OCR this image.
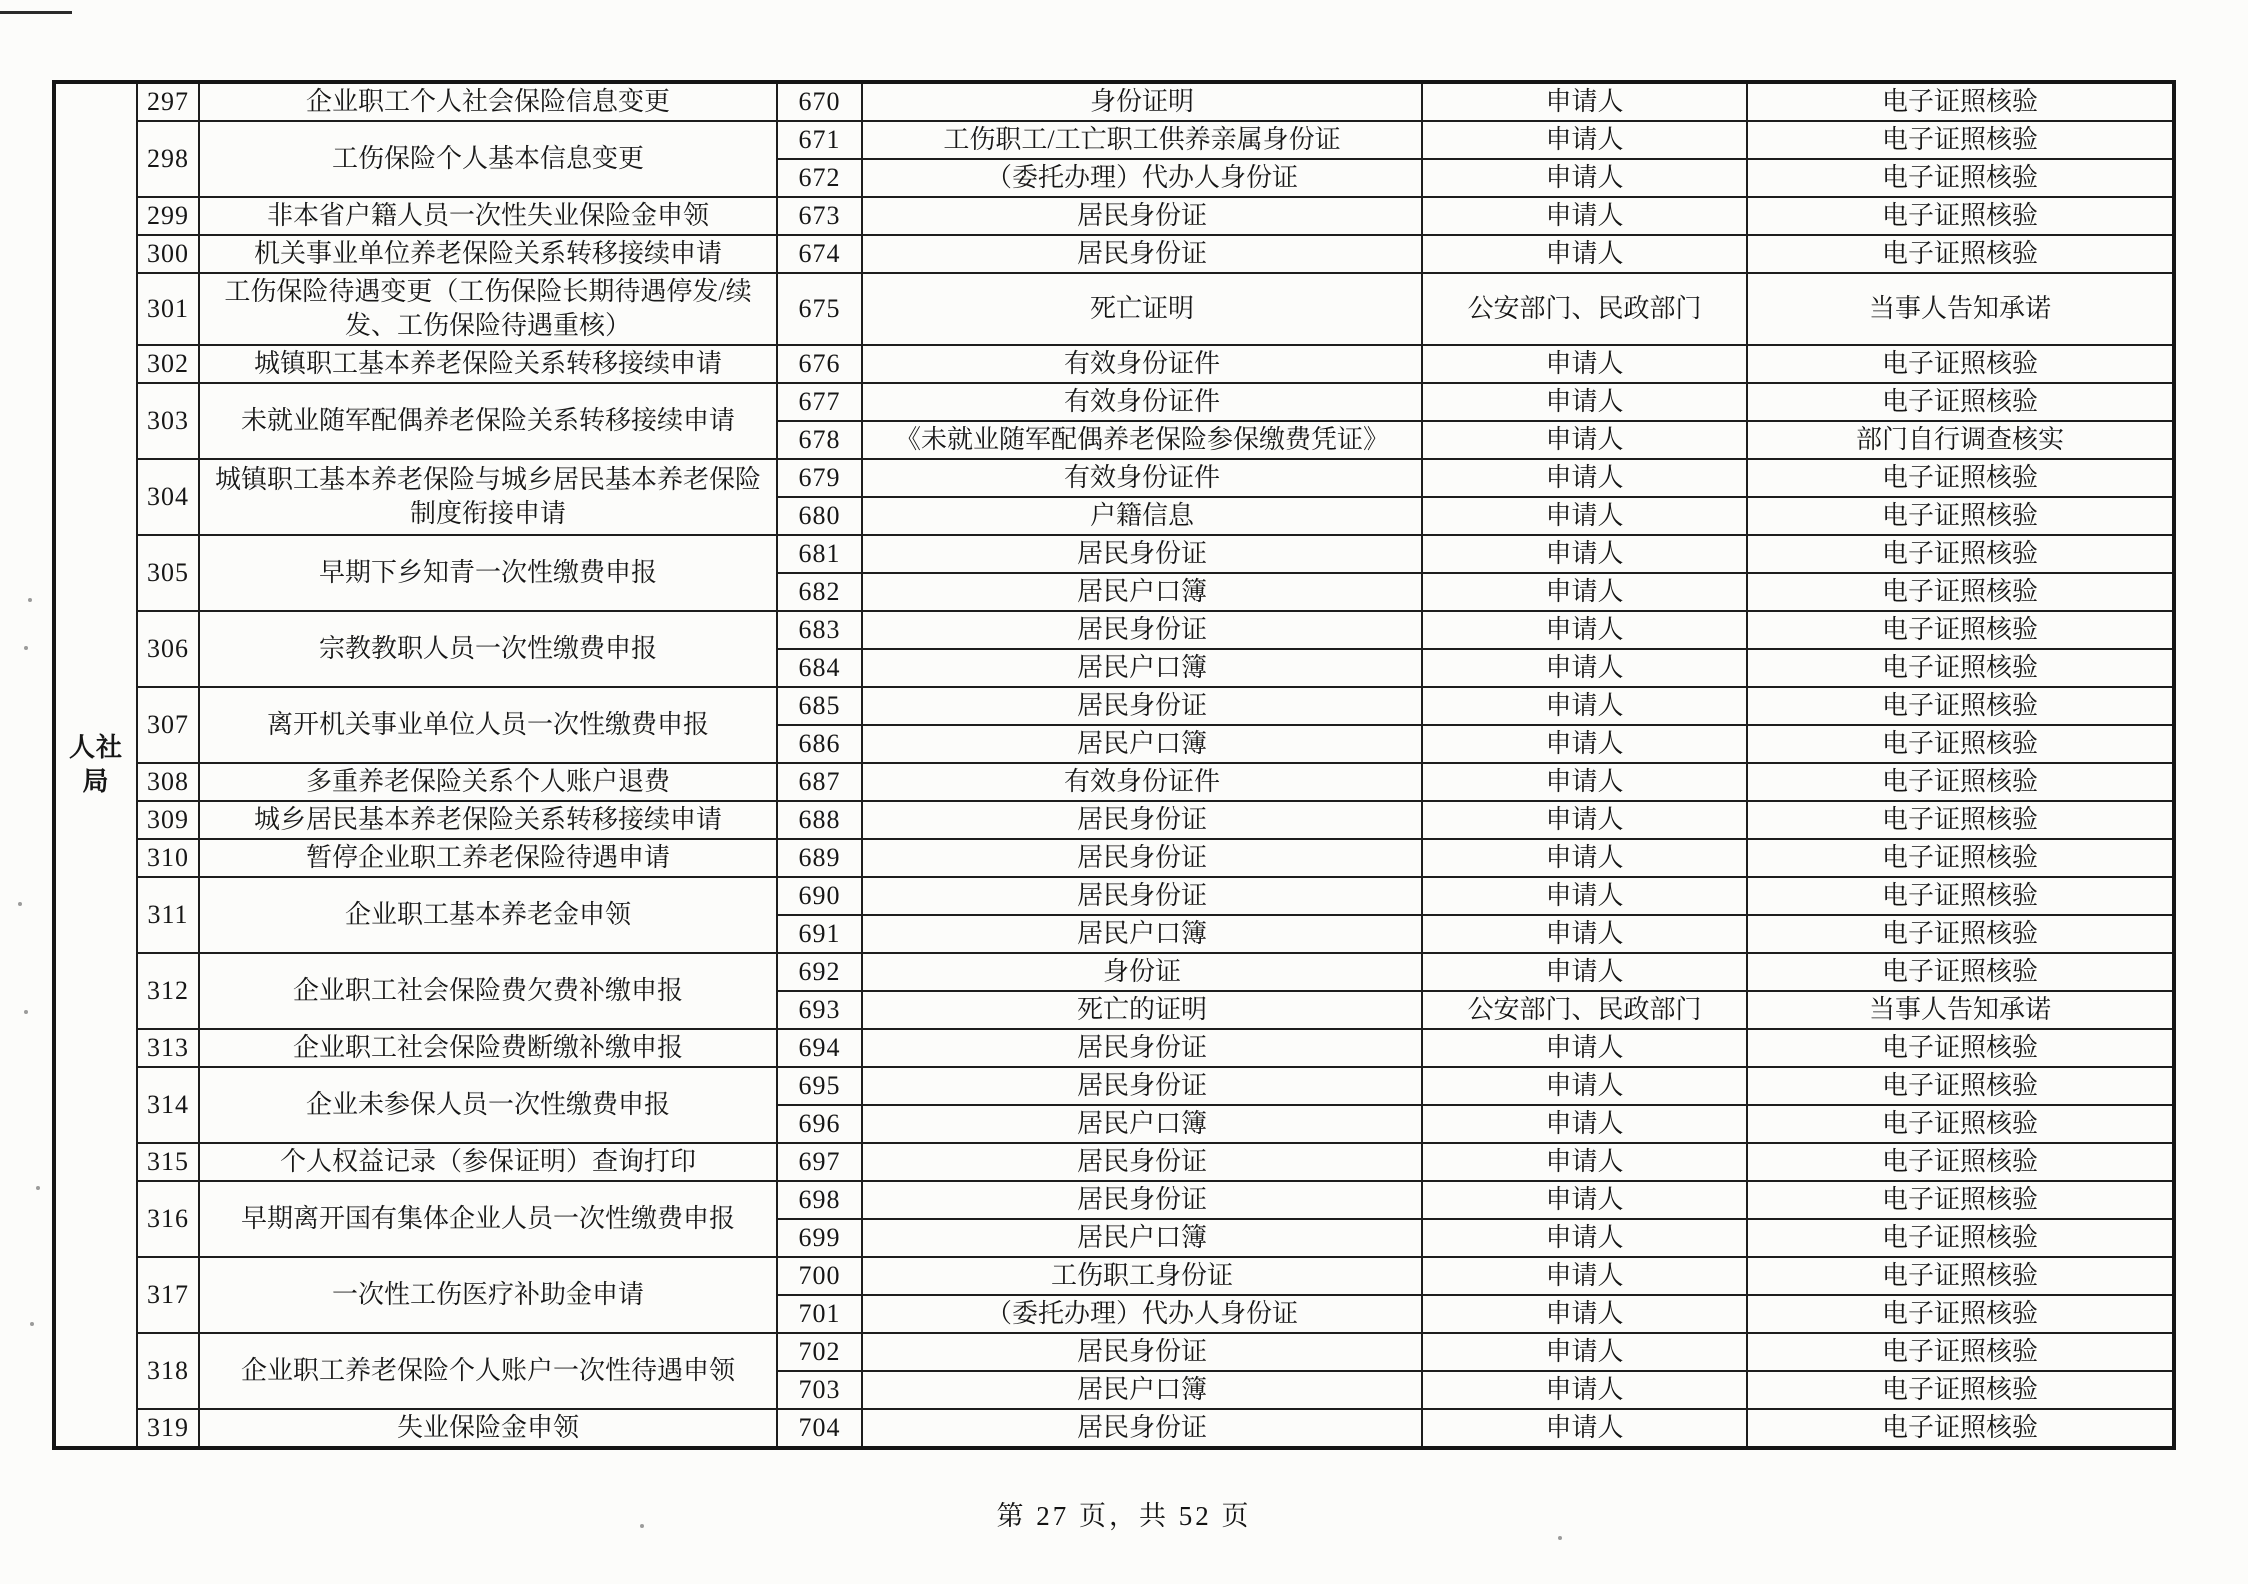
人社局	297	企业职工个人社会保险信息变更	670	身份证明	申请人	电子证照核验
	298	工伤保险个人基本信息变更	671	工伤职工/工亡职工供养亲属身份证	申请人	电子证照核验
			672	（委托办理）代办人身份证	申请人	电子证照核验
	299	非本省户籍人员一次性失业保险金申领	673	居民身份证	申请人	电子证照核验
	300	机关事业单位养老保险关系转移接续申请	674	居民身份证	申请人	电子证照核验
	301	工伤保险待遇变更（工伤保险长期待遇停发/续发、工伤保险待遇重核）	675	死亡证明	公安部门、民政部门	当事人告知承诺
	302	城镇职工基本养老保险关系转移接续申请	676	有效身份证件	申请人	电子证照核验
	303	未就业随军配偶养老保险关系转移接续申请	677	有效身份证件	申请人	电子证照核验
			678	《未就业随军配偶养老保险参保缴费凭证》	申请人	部门自行调查核实
	304	城镇职工基本养老保险与城乡居民基本养老保险制度衔接申请	679	有效身份证件	申请人	电子证照核验
			680	户籍信息	申请人	电子证照核验
	305	早期下乡知青一次性缴费申报	681	居民身份证	申请人	电子证照核验
			682	居民户口簿	申请人	电子证照核验
	306	宗教教职人员一次性缴费申报	683	居民身份证	申请人	电子证照核验
			684	居民户口簿	申请人	电子证照核验
	307	离开机关事业单位人员一次性缴费申报	685	居民身份证	申请人	电子证照核验
			686	居民户口簿	申请人	电子证照核验
	308	多重养老保险关系个人账户退费	687	有效身份证件	申请人	电子证照核验
	309	城乡居民基本养老保险关系转移接续申请	688	居民身份证	申请人	电子证照核验
	310	暂停企业职工养老保险待遇申请	689	居民身份证	申请人	电子证照核验
	311	企业职工基本养老金申领	690	居民身份证	申请人	电子证照核验
			691	居民户口簿	申请人	电子证照核验
	312	企业职工社会保险费欠费补缴申报	692	身份证	申请人	电子证照核验
			693	死亡的证明	公安部门、民政部门	当事人告知承诺
	313	企业职工社会保险费断缴补缴申报	694	居民身份证	申请人	电子证照核验
	314	企业未参保人员一次性缴费申报	695	居民身份证	申请人	电子证照核验
			696	居民户口簿	申请人	电子证照核验
	315	个人权益记录（参保证明）查询打印	697	居民身份证	申请人	电子证照核验
	316	早期离开国有集体企业人员一次性缴费申报	698	居民身份证	申请人	电子证照核验
			699	居民户口簿	申请人	电子证照核验
	317	一次性工伤医疗补助金申请	700	工伤职工身份证	申请人	电子证照核验
			701	（委托办理）代办人身份证	申请人	电子证照核验
	318	企业职工养老保险个人账户一次性待遇申领	702	居民身份证	申请人	电子证照核验
			703	居民户口簿	申请人	电子证照核验
	319	失业保险金申领	704	居民身份证	申请人	电子证照核验
第 27 页，共 52 页
